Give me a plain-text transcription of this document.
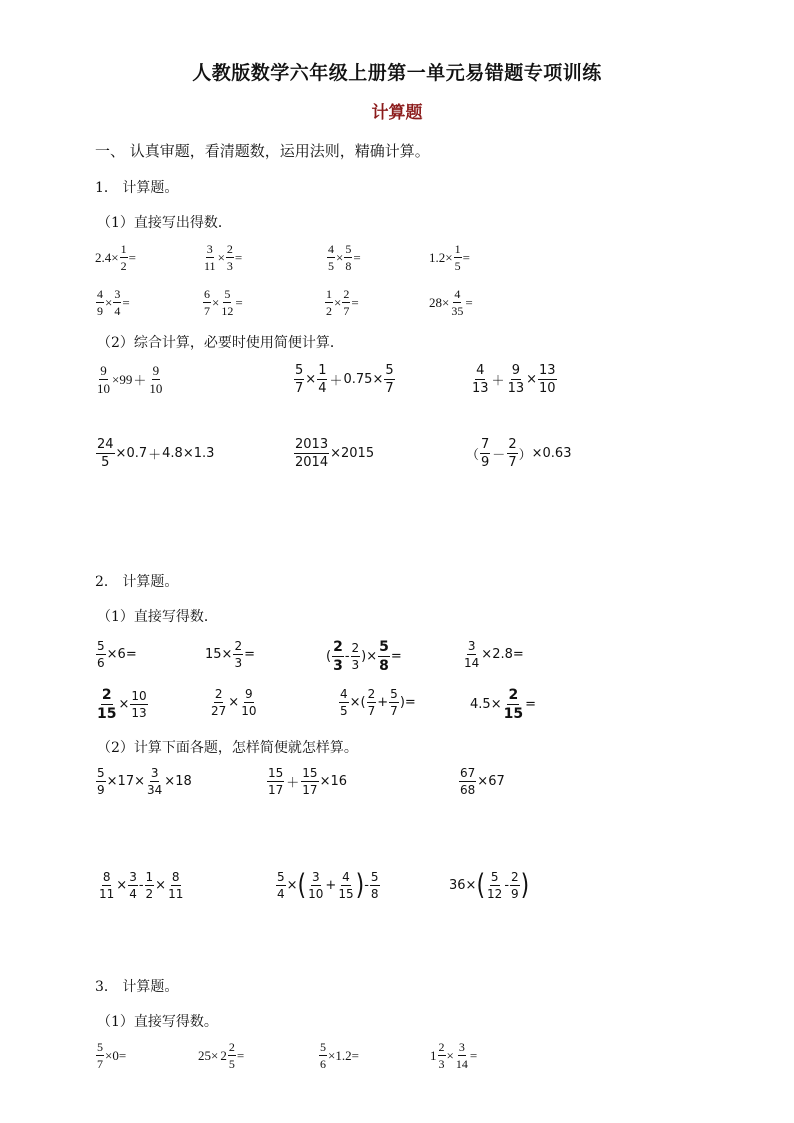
人教版数学六年级上册第一单元易错题专项训练
计算题
一、 认真审题，看清题数，运用法则，精确计算。
1． 计算题。
（1）直接写出得数．
$2.4 \times \frac{1}{2}$ =	$\frac{3}{11} \times \frac{2}{3}$ =	$\frac{4}{5} \times \frac{5}{8}$ =	$1.2 \times \frac{1}{5}$ =
$\frac{4}{9} \times \frac{3}{4}$ =	$\frac{6}{7} \times \frac{5}{12}$ =	$\frac{1}{2} \times \frac{2}{7}$ =	$28 \times \frac{4}{35}$ =
（2）综合计算，必要时使用简便计算．
$\frac{9}{10} \times 99 + \frac{9}{10}$	$\frac{5}{7} \times \frac{1}{4} + 0.75 \times \frac{5}{7}$	$\frac{4}{13} + \frac{9}{13} \times \frac{13}{10}$
$\frac{24}{5} \times 0.7 + 4.8 \times 1.3$	$\frac{2013}{2014} \times 2015$	（ $\frac{7}{9} - \frac{2}{7}$ ） × 0.63
2． 计算题。
（1）直接写得数．
$\frac{5}{6} \times 6$ =	$15 \times \frac{2}{3}$ =	( $\frac{2}{3} - \frac{2}{3}$ ) × $\frac{5}{8}$ =	$\frac{3}{14} \times 2.8$ =
$\frac{2}{15} \times \frac{10}{13}$	$\frac{2}{27} \times \frac{9}{10}$	$\frac{4}{5}$ × ( $\frac{2}{7} + \frac{5}{7}$ ) =	$4.5 \times \frac{2}{15}$ =
（2）计算下面各题，怎样简便就怎样算。
$\frac{5}{9} \times 17 \times \frac{3}{34} \times 18$	$\frac{15}{17} + \frac{15}{17} \times 16$	$\frac{67}{68} \times 67$
$\frac{8}{11} \times \frac{3}{4} - \frac{1}{2} \times \frac{8}{11}$	$\frac{5}{4}$ × ( $\frac{3}{10} + \frac{4}{15}$ ) - $\frac{5}{8}$	36 × ( $\frac{5}{12} - \frac{2}{9}$ )
3． 计算题。
（1）直接写得数。
$\frac{5}{7} \times 0$ =	$25 \times 2 \frac{2}{5}$ =	$\frac{5}{6} \times 1.2$ =	$1 \frac{2}{3} \times \frac{3}{14}$ =
